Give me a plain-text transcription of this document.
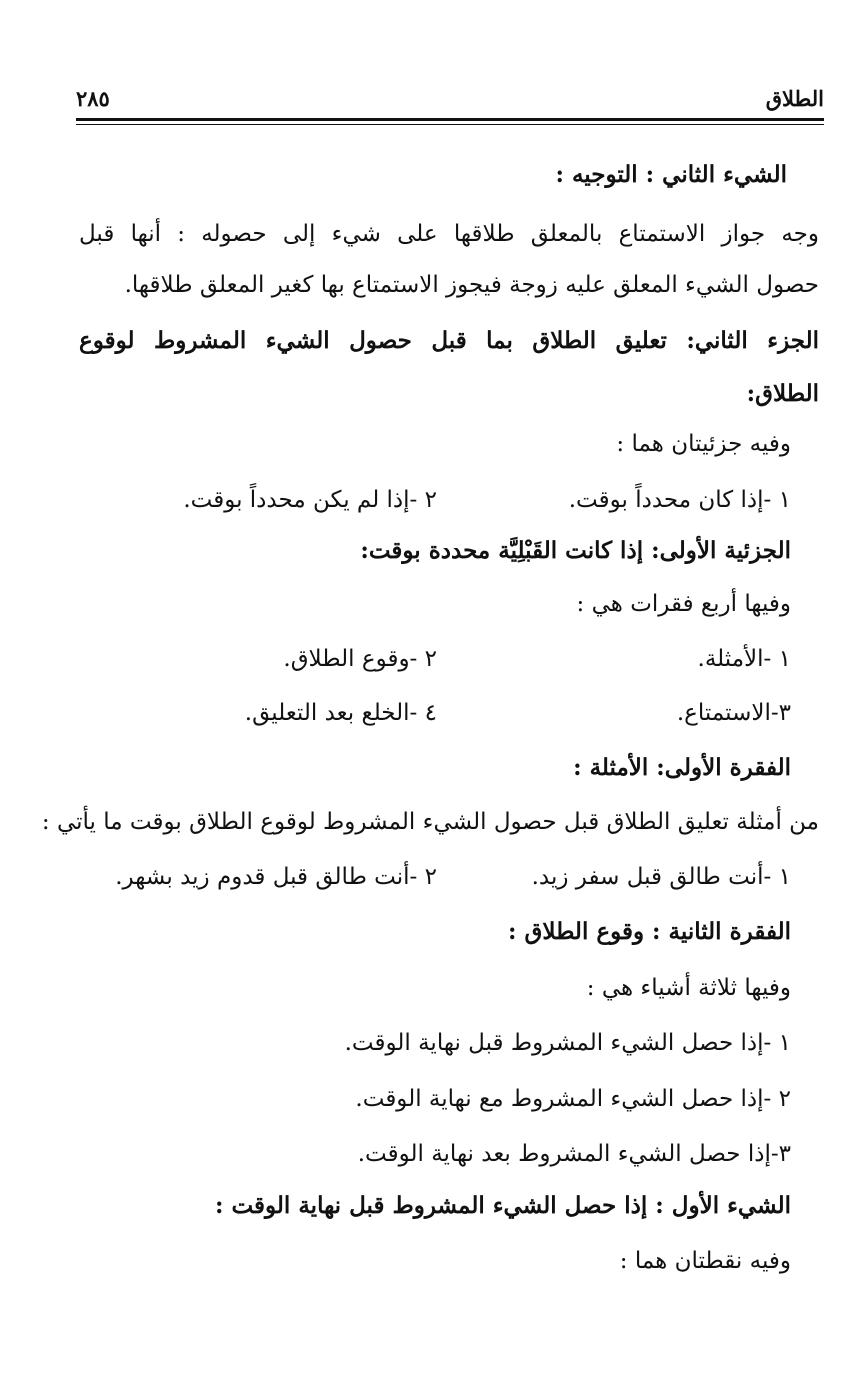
الطلاق
٢٨٥
الشيء الثاني : التوجيه :
وجه جواز الاستمتاع بالمعلق طلاقها على شيء إلى حصوله : أنها قبل
حصول الشيء المعلق عليه زوجة فيجوز الاستمتاع بها كغير المعلق طلاقها.
الجزء الثاني: تعليق الطلاق بما قبل حصول الشيء المشروط لوقوع
الطلاق:
وفيه جزئيتان هما :
١ -إذا كان محدداً بوقت.
٢ -إذا لم يكن محدداً بوقت.
الجزئية الأولى: إذا كانت القَبْلِيَّة محددة بوقت:
وفيها أربع فقرات هي :
١ -الأمثلة.
٢ -وقوع الطلاق.
٣-الاستمتاع.
٤ -الخلع بعد التعليق.
الفقرة الأولى: الأمثلة :
من أمثلة تعليق الطلاق قبل حصول الشيء المشروط لوقوع الطلاق بوقت ما يأتي :
١ -أنت طالق قبل سفر زيد.
٢ -أنت طالق قبل قدوم زيد بشهر.
الفقرة الثانية : وقوع الطلاق :
وفيها ثلاثة أشياء هي :
١ -إذا حصل الشيء المشروط قبل نهاية الوقت.
٢ -إذا حصل الشيء المشروط مع نهاية الوقت.
٣-إذا حصل الشيء المشروط بعد نهاية الوقت.
الشيء الأول : إذا حصل الشيء المشروط قبل نهاية الوقت :
وفيه نقطتان هما :
